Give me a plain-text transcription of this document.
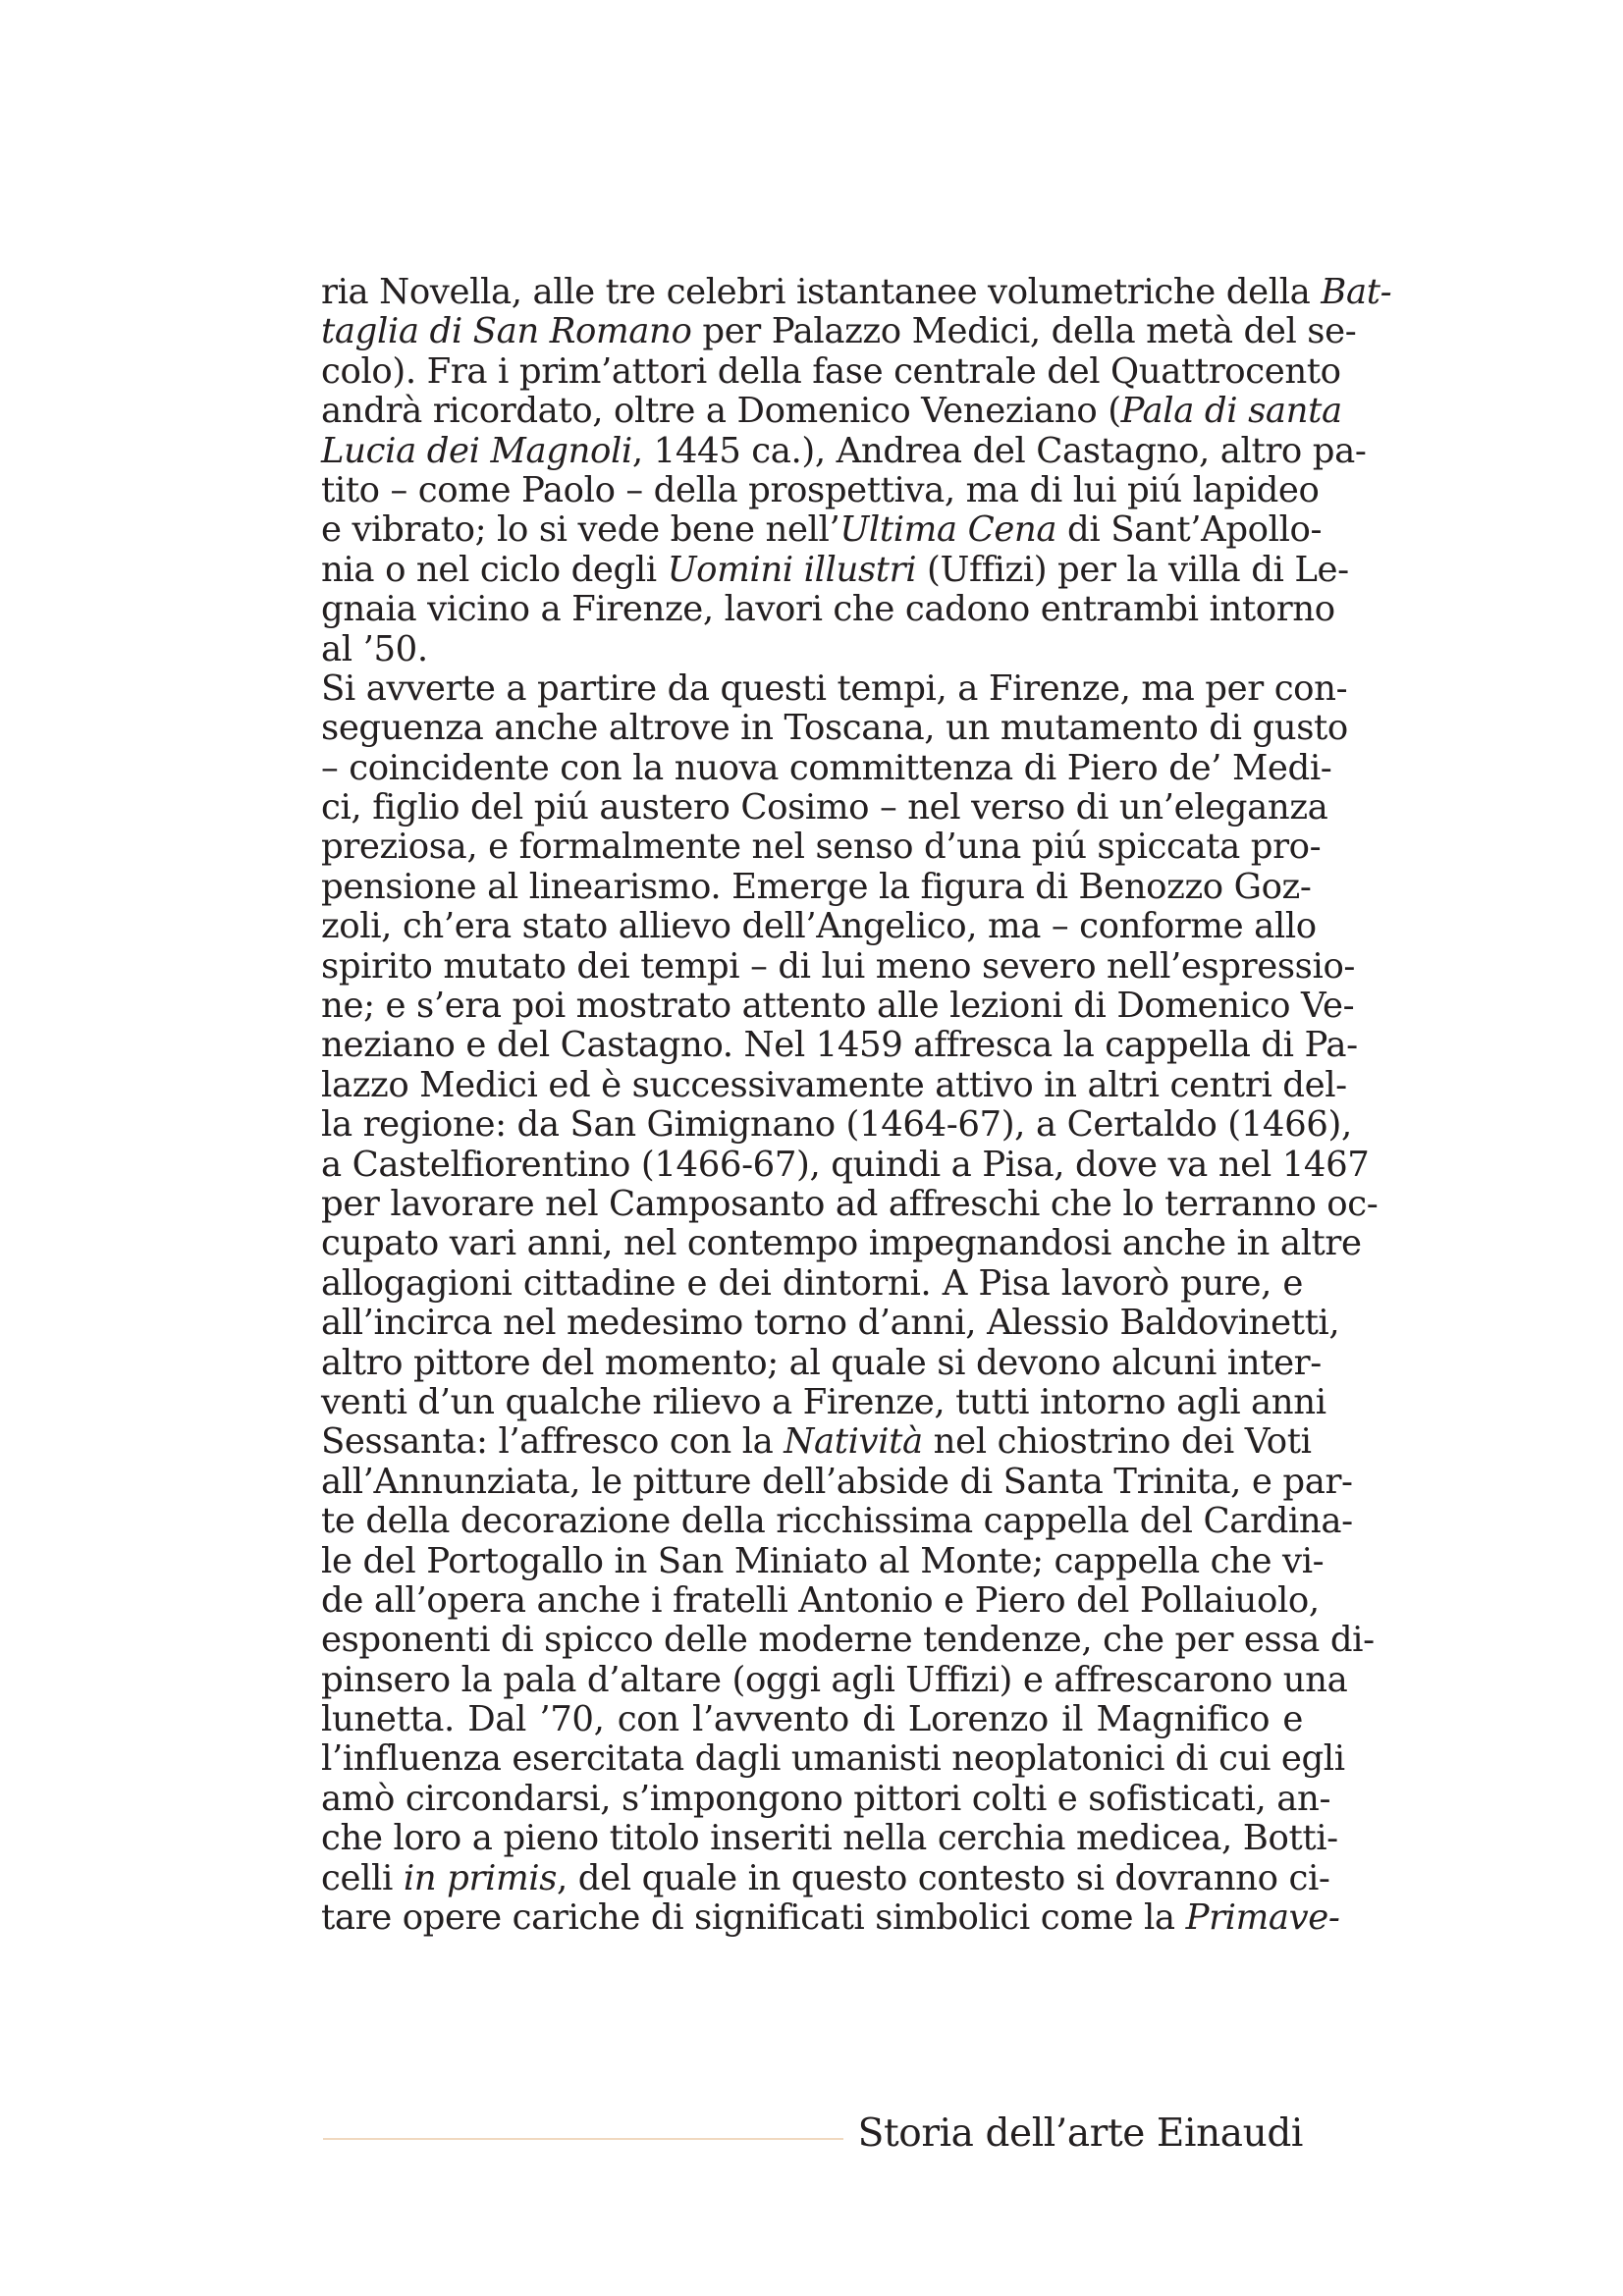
ria Novella, alle tre celebri istantanee volumetriche della Bat-
taglia di San Romano per Palazzo Medici, della metà del se-
colo). Fra i prim’attori della fase centrale del Quattrocento
andrà ricordato, oltre a Domenico Veneziano (Pala di santa
Lucia dei Magnoli, 1445 ca.), Andrea del Castagno, altro pa-
tito – come Paolo – della prospettiva, ma di lui piú lapideo
e vibrato; lo si vede bene nell’Ultima Cena di Sant’Apollo-
nia o nel ciclo degli Uomini illustri (Uffizi) per la villa di Le-
gnaia vicino a Firenze, lavori che cadono entrambi intorno
al ’50.
Si avverte a partire da questi tempi, a Firenze, ma per con-
seguenza anche altrove in Toscana, un mutamento di gusto
– coincidente con la nuova committenza di Piero de’ Medi-
ci, figlio del piú austero Cosimo – nel verso di un’eleganza
preziosa, e formalmente nel senso d’una piú spiccata pro-
pensione al linearismo. Emerge la figura di Benozzo Goz-
zoli, ch’era stato allievo dell’Angelico, ma – conforme allo
spirito mutato dei tempi – di lui meno severo nell’espressio-
ne; e s’era poi mostrato attento alle lezioni di Domenico Ve-
neziano e del Castagno. Nel 1459 affresca la cappella di Pa-
lazzo Medici ed è successivamente attivo in altri centri del-
la regione: da San Gimignano (1464-67), a Certaldo (1466),
a Castelfiorentino (1466-67), quindi a Pisa, dove va nel 1467
per lavorare nel Camposanto ad affreschi che lo terranno oc-
cupato vari anni, nel contempo impegnandosi anche in altre
allogagioni cittadine e dei dintorni. A Pisa lavorò pure, e
all’incirca nel medesimo torno d’anni, Alessio Baldovinetti,
altro pittore del momento; al quale si devono alcuni inter-
venti d’un qualche rilievo a Firenze, tutti intorno agli anni
Sessanta: l’affresco con la Natività nel chiostrino dei Voti
all’Annunziata, le pitture dell’abside di Santa Trinita, e par-
te della decorazione della ricchissima cappella del Cardina-
le del Portogallo in San Miniato al Monte; cappella che vi-
de all’opera anche i fratelli Antonio e Piero del Pollaiuolo,
esponenti di spicco delle moderne tendenze, che per essa di-
pinsero la pala d’altare (oggi agli Uffizi) e affrescarono una
lunetta. Dal ’70, con l’avvento di Lorenzo il Magnifico e
l’influenza esercitata dagli umanisti neoplatonici di cui egli
amò circondarsi, s’impongono pittori colti e sofisticati, an-
che loro a pieno titolo inseriti nella cerchia medicea, Botti-
celli in primis, del quale in questo contesto si dovranno ci-
tare opere cariche di significati simbolici come la Primave-
Storia dell’arte Einaudi
